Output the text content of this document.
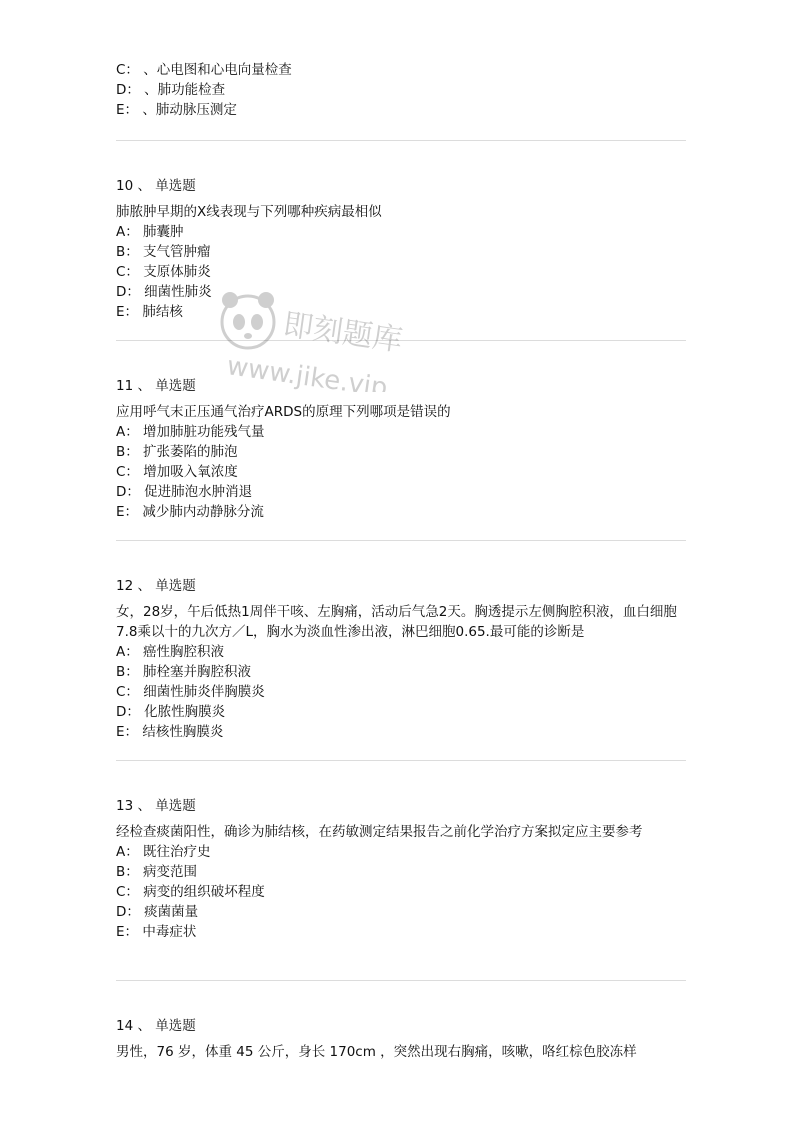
C： 、心电图和心电向量检查
D： 、肺功能检查
E： 、肺动脉压测定
10 、 单选题
肺脓肿早期的X线表现与下列哪种疾病最相似
A： 肺囊肿
B： 支气管肿瘤
C： 支原体肺炎
D： 细菌性肺炎
E： 肺结核
11 、 单选题
应用呼气末正压通气治疗ARDS的原理下列哪项是错误的
A： 增加肺脏功能残气量
B： 扩张萎陷的肺泡
C： 增加吸入氧浓度
D： 促进肺泡水肿消退
E： 减少肺内动静脉分流
12 、 单选题
女，28岁，午后低热1周伴干咳、左胸痛，活动后气急2天。胸透提示左侧胸腔积液，血白细胞7.8乘以十的九次方／L，胸水为淡血性渗出液，淋巴细胞0.65.最可能的诊断是
A： 癌性胸腔积液
B： 肺栓塞并胸腔积液
C： 细菌性肺炎伴胸膜炎
D： 化脓性胸膜炎
E： 结核性胸膜炎
13 、 单选题
经检查痰菌阳性，确诊为肺结核，在药敏测定结果报告之前化学治疗方案拟定应主要参考
A： 既往治疗史
B： 病变范围
C： 病变的组织破坏程度
D： 痰菌菌量
E： 中毒症状
14 、 单选题
男性，76 岁，体重 45 公斤，身长 170cm ，突然出现右胸痛，咳嗽，咯红棕色胶冻样
即刻题库
www.jike.vip
